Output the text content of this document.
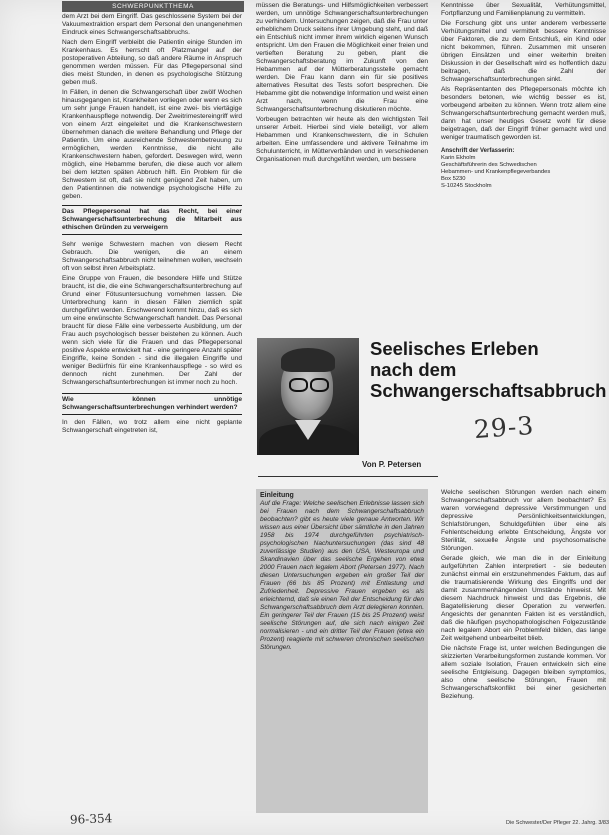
SCHWERPUNKTTHEMA

dem Arzt bei dem Eingriff. Das geschlossene System bei der Vakuumextraktion erspart dem Personal den unangenehmen Eindruck eines Schwangerschaftsabbruchs.

Nach dem Eingriff verbleibt die Patientin einige Stunden im Krankenhaus. Es herrscht oft Platzmangel auf der postoperativen Abteilung, so daß andere Räume in Anspruch genommen werden müssen. Für das Pflegepersonal sind dies meist Stunden, in denen es psychologische Stützung geben muß.

In Fällen, in denen die Schwangerschaft über zwölf Wochen hinausgegangen ist, Krankheiten vorliegen oder wenn es sich um sehr junge Frauen handelt, ist eine zwei- bis viertägige Krankenhauspflege notwendig. Der Zweitrimestereingriff wird von einem Arzt eingeleitet und die Krankenschwestern übernehmen danach die weitere Behandlung und Pflege der Patientin. Um eine ausreichende Schwesternbetreuung zu ermöglichen, werden Kenntnisse, die nicht alle Krankenschwestern haben, gefordert. Deswegen wird, wenn möglich, eine Hebamme berufen, die diese auch vor allem bei dem letzten späten Abbruch hilft. Ein Problem für die Schwestern ist oft, daß sie nicht genügend Zeit haben, um den Patientinnen die notwendige psychologische Hilfe zu geben.

Das Pflegepersonal hat das Recht, bei einer Schwangerschaftsunterbrechung die Mitarbeit aus ethischen Gründen zu verweigern

Sehr wenige Schwestern machen von diesem Recht Gebrauch. Die wenigen, die an einem Schwangerschaftsabbruch nicht teilnehmen wollen, wechseln oft von selbst ihren Arbeitsplatz.

Eine Gruppe von Frauen, die besondere Hilfe und Stütze braucht, ist die, die eine Schwangerschaftsunterbrechung auf Grund einer Fötusuntersuchung vornehmen lassen. Die Unterbrechung kann in diesen Fällen ziemlich spät durchgeführt werden. Erschwerend kommt hinzu, daß es sich um eine erwünschte Schwangerschaft handelt. Das Personal braucht für diese Fälle eine verbesserte Ausbildung, um der Frau auch psychologisch besser beistehen zu können. Auch wenn sich viele für die Frauen und das Pflegepersonal positive Aspekte entwickelt hat - eine geringere Anzahl später Eingriffe, keine Sonden - sind die illegalen Eingriffe und weniger Bedürfnis für eine Krankenhauspflege - so wird es dennoch nicht zunehmen. Der Zahl der Schwangerschaftsunterbrechungen ist immer noch zu hoch.

Wie können unnötige Schwangerschaftsunterbrechungen verhindert werden?

In den Fällen, wo trotz allem eine nicht geplante Schwangerschaft eingetreten ist,

müssen die Beratungs- und Hilfsmöglichkeiten verbessert werden, um unnötige Schwangerschaftsunterbrechungen zu verhindern. Untersuchungen zeigen, daß die Frau unter erheblichem Druck seitens ihrer Umgebung steht, und daß ein Entschluß nicht immer ihrem wirklich eigenen Wunsch entspricht. Um den Frauen die Möglichkeit einer freien und vertieften Beratung zu geben, plant die Schwangerschaftsberatung im Zukunft von den Hebammen auf der Mütterberatungsstelle gemacht werden. Die Frau kann dann ein für sie positives alternatives Resultat des Tests sofort besprechen. Die Hebamme gibt die notwendige Information und weist einen Arzt nach, wenn die Frau eine Schwangerschaftsunterbrechung diskutieren möchte.

Vorbeugen betrachten wir heute als den wichtigsten Teil unserer Arbeit. Hierbei sind viele beteiligt, vor allem Hebammen und Krankenschwestern, die in Schulen arbeiten. Eine umfassendere und aktivere Teilnahme im Schulunterricht, in Mütterverbänden und in verschiedenen Organisationen muß durchgeführt werden, um bessere

Kenntnisse über Sexualität, Verhütungsmittel, Fortpflanzung und Familienplanung zu vermitteln.

Die Forschung gibt uns unter anderem verbesserte Verhütungsmittel und vermittelt bessere Kenntnisse über Faktoren, die zu dem Entschluß, ein Kind oder nicht bekommen, führen. Zusammen mit unseren übrigen Einsätzen und einer weiterhin breiten Diskussion in der Gesellschaft wird es hoffentlich dazu beitragen, daß die Zahl der Schwangerschaftsunterbrechungen sinkt.

Als Repräsentanten des Pflegepersonals möchte ich besonders betonen, wie wichtig besser es ist, vorbeugend arbeiten zu können. Wenn trotz allem eine Schwangerschaftsunterbrechung gemacht werden muß, dann hat unser heutiges Gesetz wohl für diese beigetragen, daß der Eingriff früher gemacht wird und weniger traumatisch geworden ist.

Anschrift der Verfasserin:
Karin Ekholm
Geschäftsführerin des Schwedischen
Hebammen- und Krankenpflegeverbandes
Box 5230
S-10245 Stockholm
Seelisches Erleben
nach dem
Schwangerschaftsabbruch
29-3
Von P. Petersen
Einleitung
Auf die Frage: Welche seelischen Erlebnisse lassen sich bei Frauen nach dem Schwangerschaftsabbruch beobachten? gibt es heute viele genaue Antworten. Wir wissen aus einer Übersicht über sämtliche in den Jahren 1958 bis 1974 durchgeführten psychiatrisch-psychologischen Nachuntersuchungen (das sind 48 zuverlässige Studien) aus den USA, Westeuropa und Skandinavien über das seelische Ergehen von etwa 2000 Frauen nach legalem Abort (Petersen 1977). Nach diesen Untersuchungen ergeben ein großer Teil der Frauen (66 bis 85 Prozent) mit Entlastung und Zufriedenheit. Depressive Frauen ergeben es als erleichternd, daß sie einen Teil der Entscheidung für den Schwangerschaftsabbruch dem Arzt delegieren konnten. Ein geringerer Teil der Frauen (15 bis 25 Prozent) weist seelische Störungen auf, die sich nach einigen Zeit normalisieren - und ein dritter Teil der Frauen (etwa ein Prozent) reagierte mit schweren chronischen seelischen Störungen.

Welche seelischen Störungen werden nach einem Schwangerschaftsabbruch vor allem beobachtet? Es waren vorwiegend depressive Verstimmungen und depressive Persönlichkeitsentwicklungen, Schlafstörungen, Schuldgefühlen über eine als Fehlentscheidung erlebte Entscheidung, Ängste vor Sterilität, sexuelle Ängste und psychosomatische Störungen.

Gerade gleich, wie man die in der Einleitung aufgeführten Zahlen interpretiert - sie bedeuten zunächst einmal ein erstzunehmendes Faktum, das auf die traumatisierende Wirkung des Eingriffs und der damit zusammenhängenden Umstände hinweist. Mit diesem Nachdruck hinweist und das Ergebnis, die Bagatellisierung dieser Operation zu verwerfen. Angesichts der genannten Fakten ist es verständlich, daß die häufigen psychopathologischen Folgezustände nach legalem Abort ein Problemfeld bilden, das lange Zeit weitgehend unbearbeitet blieb.

Die nächste Frage ist, unter welchen Bedingungen die skizzierten Verarbeitungsformen zustande kommen. Vor allem soziale Isolation, Frauen entwickeln sich eine seelische Entgleisung. Dagegen bleiben symptomlos, also ohne seelische Störungen, Frauen mit Schwangerschaftskonflikt bei einer gesicherten Beziehung.

96-354	Die Schwester/Der Pfleger 22. Jahrg. 3/83
